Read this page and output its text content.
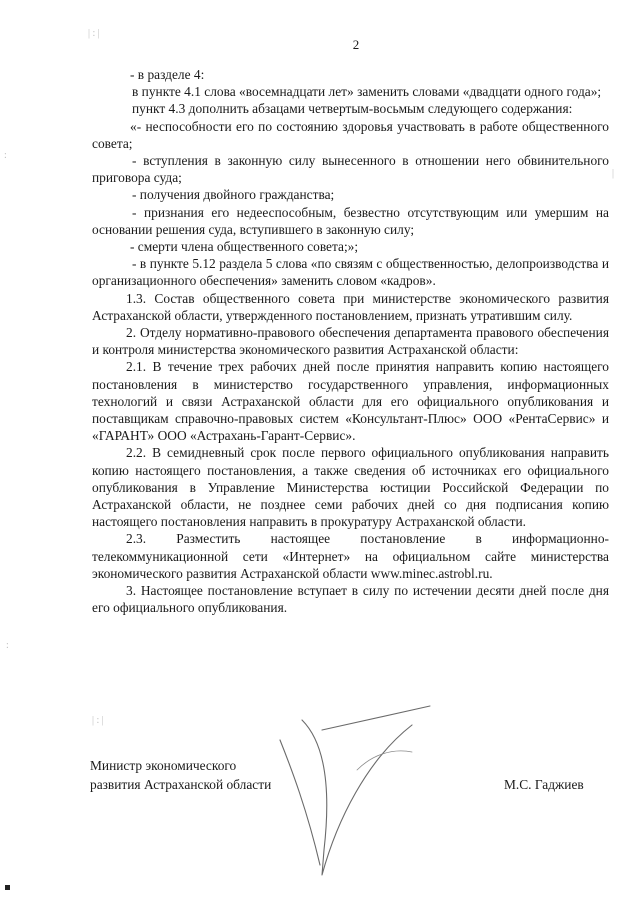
| : |
:
|
:
| : |
2

- в разделе 4:

в пункте 4.1 слова «восемнадцати лет» заменить словами «двадцати одного года»;

пункт 4.3 дополнить абзацами четвертым-восьмым следующего содержания:

«- неспособности его по состоянию здоровья участвовать в работе общественного совета;

- вступления в законную силу вынесенного в отношении него обвинительного приговора суда;

- получения двойного гражданства;

- признания его недееспособным, безвестно отсутствующим или умершим на основании решения суда, вступившего в законную силу;

- смерти члена общественного совета;»;

- в пункте 5.12 раздела 5 слова «по связям с общественностью, делопроизводства и организационного обеспечения» заменить словом «кадров».

1.3. Состав общественного совета при министерстве экономического развития Астраханской области, утвержденного постановлением, признать утратившим силу.

2. Отделу нормативно-правового обеспечения департамента правового обеспечения и контроля министерства экономического развития Астраханской области:

2.1. В течение трех рабочих дней после принятия направить копию настоящего постановления в министерство государственного управления, информационных технологий и связи Астраханской области для его официального опубликования и поставщикам справочно-правовых систем «Консультант-Плюс» ООО «РентаСервис» и «ГАРАНТ» ООО «Астрахань-Гарант-Сервис».

2.2. В семидневный срок после первого официального опубликования направить копию настоящего постановления, а также сведения об источниках его официального опубликования в Управление Министерства юстиции Российской Федерации по Астраханской области, не позднее семи рабочих дней со дня подписания копию настоящего постановления направить в прокуратуру Астраханской области.

2.3. Разместить настоящее постановление в информационно-телекоммуникационной сети «Интернет» на официальном сайте министерства экономического развития Астраханской области www.minec.astrobl.ru.

3. Настоящее постановление вступает в силу по истечении десяти дней после дня его официального опубликования.

Министр экономического
развития Астраханской области	М.С. Гаджиев
